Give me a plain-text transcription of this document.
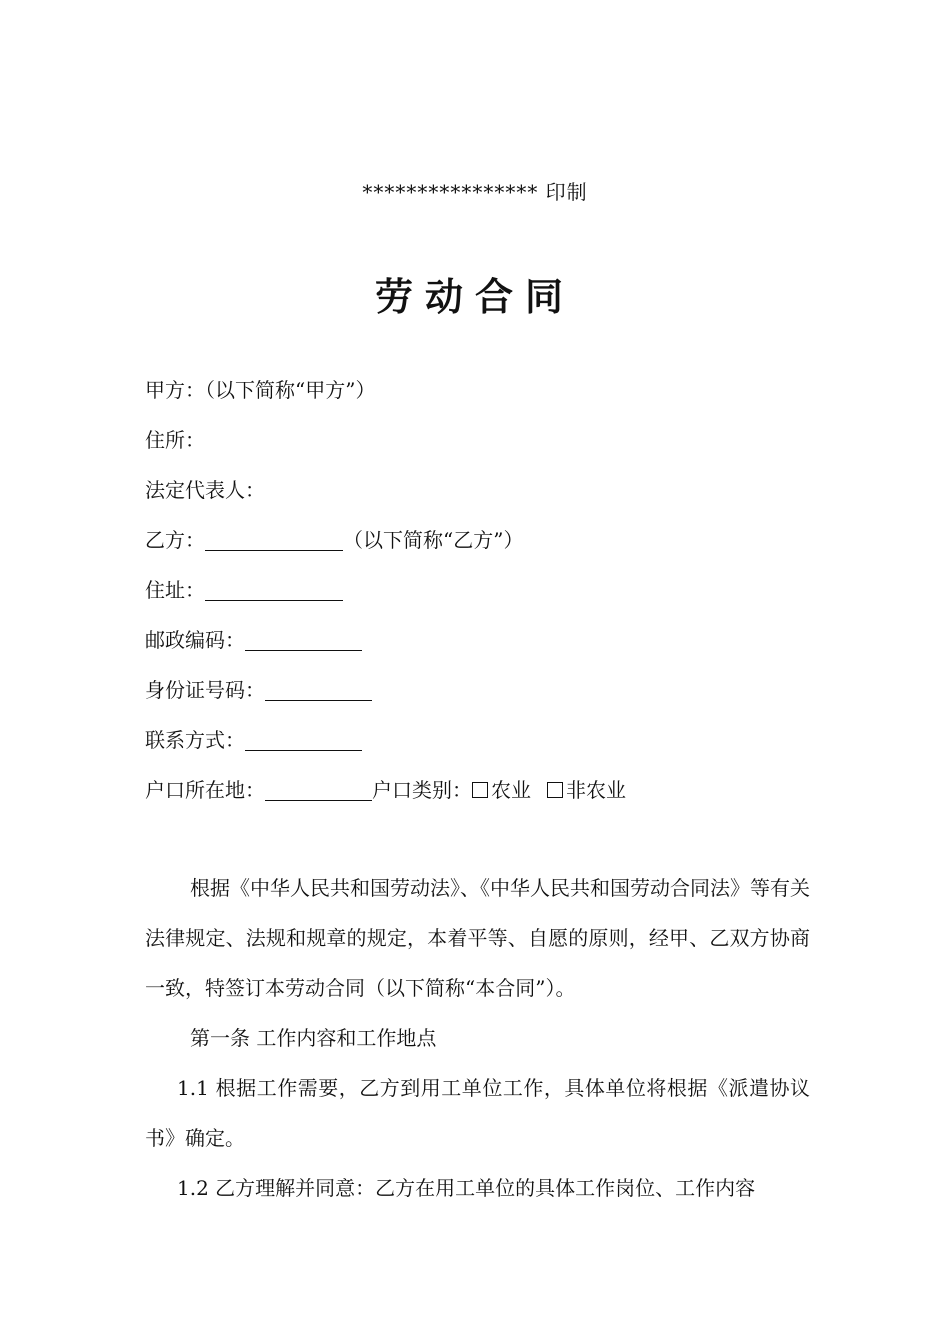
**************** 印制
劳动合同
甲方：（以下简称“甲方”）
住所：
法定代表人：
乙方：	（以下简称“乙方”）
住址：
邮政编码：
身份证号码：
联系方式：
户口所在地：	户口类别： 农业 非农业
根据《中华人民共和国劳动法》、《中华人民共和国劳动合同法》等有关法律规定、法规和规章的规定，本着平等、自愿的原则，经甲、乙双方协商一致，特签订本劳动合同（以下简称“本合同”）。
第一条 工作内容和工作地点
1.1 根据工作需要，乙方到用工单位工作，具体单位将根据《派遣协议书》确定。
1.2 乙方理解并同意：乙方在用工单位的具体工作岗位、工作内容
